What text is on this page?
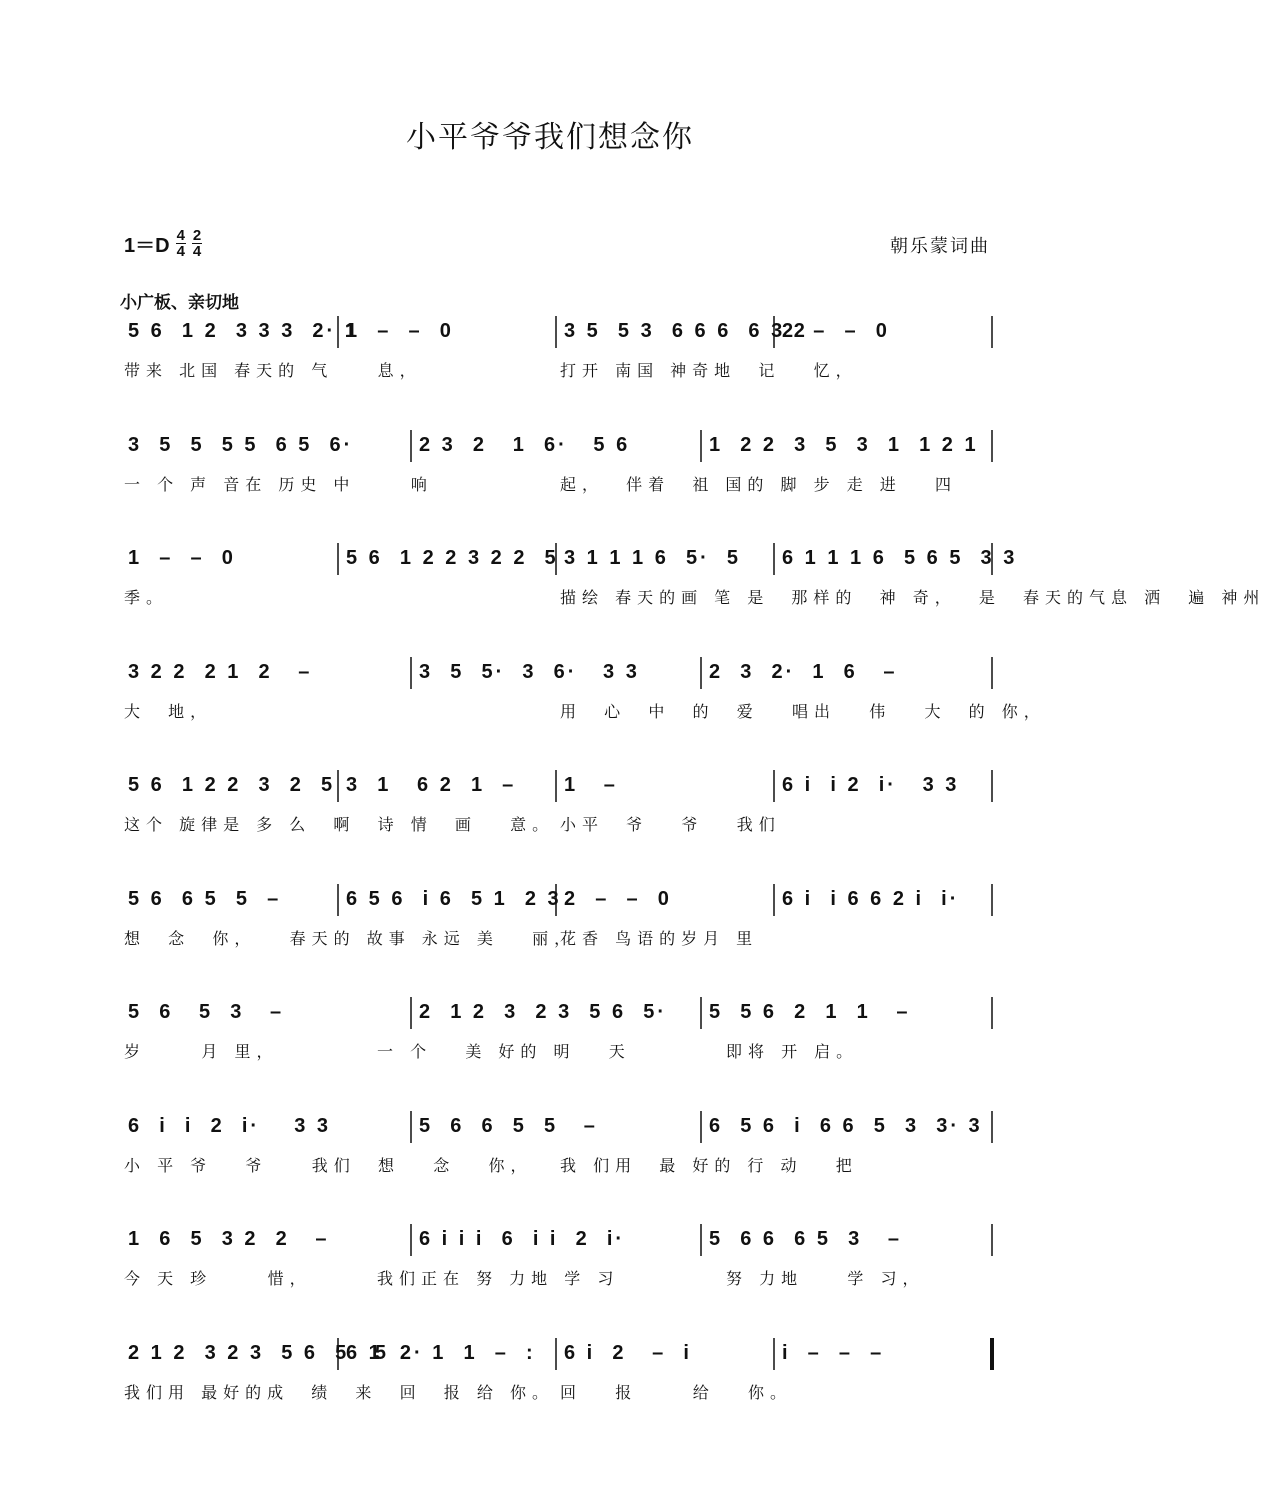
小平爷爷我们想念你
$1=D \frac{4}{4} \frac{2}{4}$	朝乐蒙词曲
小广板、亲切地
5 6  1 2  3 3 3  2· 1
1  –  –  0	3 5  5 3  6 6 6  6 3 2
2  –  –  0
带来 北国 春天的 气    息，	打开 南国 神奇地  记   忆，
3  5  5  5 5  6 5  6·	2 3  2   1  6·   5 6	1  2 2  3  5  3  1  1 2 1
一 个 声 音在 历史 中     响	起，  伴着  祖 国的 脚 步 走 进   四
1  –  –  0	5 6  1 2 2 3 2 2  5 3 1 1 1 6  5·  5	6 1 1 1 6  5 6 5  3 3
季。	描绘 春天的画 笔 是  那样的  神 奇，  是  春天的气息 洒  遍 神州
3 2 2  2 1  2   –	3  5  5·  3  6·   3 3	2  3  2·  1  6   –
大  地，	用  心  中  的  爱   唱出   伟   大  的 你，
5 6  1 2 2  3  2  5 3  1   6 2  1  –	1   –	6 i  i 2  i·   3 3
这个 旋律是 多 么  啊  诗 情  画   意。 小平  爷   爷   我们
5 6  6 5  5  –	6 5 6  i 6  5 1  2 3 2  –  –  0	6 i  i 6 6 2 i  i·
想  念  你，   春天的 故事 永远 美   丽，
花香 鸟语的岁月 里
5  6   5  3   –	2  1 2  3  2 3  5 6  5·	5  5 6  2  1  1   –
岁     月 里，	一 个   美 好的 明   天	即将 开 启。
6  i  i  2  i·    3 3	5  6  6  5  5   –	6  5 6  i  6 6  5  3  3· 3
小 平 爷   爷    我们  想   念   你， 我 们用  最 好的 行 动   把
1  6  5  3 2  2   –	6 i i i  6  i i  2  i·	5  6 6  6 5  3   –
今 天 珍     惜，	我们正在 努 力地 学 习	努 力地    学 习，
2 1 2  3 2 3  5 6  5   5
6 1  2· 1  1  –  :	6 i  2   –  i	i  –  –  –
我们用 最好的成  绩  来  回  报 给 你。 回   报     给   你。
